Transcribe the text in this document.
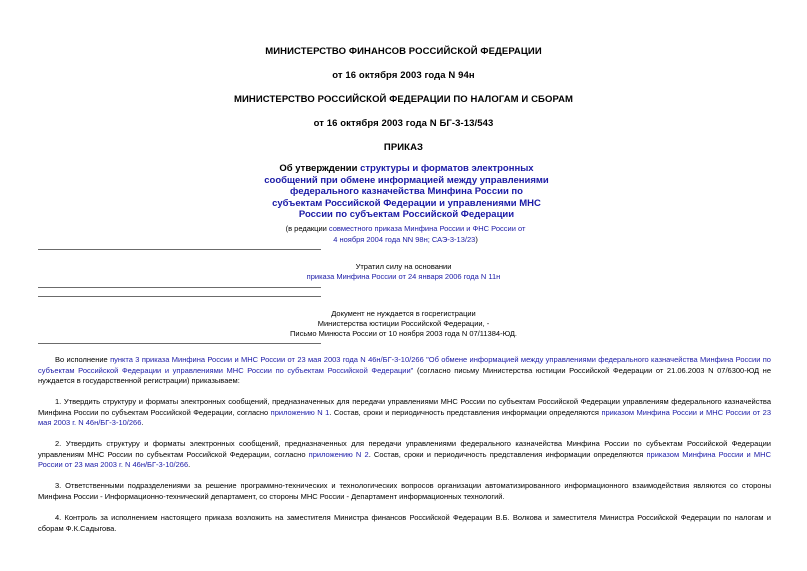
МИНИСТЕРСТВО ФИНАНСОВ РОССИЙСКОЙ ФЕДЕРАЦИИ
от 16 октября 2003 года N 94н
МИНИСТЕРСТВО РОССИЙСКОЙ ФЕДЕРАЦИИ ПО НАЛОГАМ И СБОРАМ
от 16 октября 2003 года N БГ-3-13/543
ПРИКАЗ
Об утверждении структуры и форматов электронных сообщений при обмене информацией между управлениями федерального казначейства Минфина России по субъектам Российской Федерации и управлениями МНС России по субъектам Российской Федерации
(в редакции совместного приказа Минфина России и ФНС России от 4 ноября 2004 года NN 98н; САЭ-3-13/23)
Утратил силу на основании
приказа Минфина России от 24 января 2006 года N 11н
Документ не нуждается в госрегистрации
Министерства юстиции Российской Федерации, -
Письмо Минюста России от 10 ноября 2003 года N 07/11384-ЮД.
Во исполнение пункта 3 приказа Минфина России и МНС России от 23 мая 2003 года N 46н/БГ-3-10/266 "Об обмене информацией между управлениями федерального казначейства Минфина России по субъектам Российской Федерации и управлениями МНС России по субъектам Российской Федерации" (согласно письму Министерства юстиции Российской Федерации от 21.06.2003 N 07/6300-ЮД не нуждается в государственной регистрации) приказываем:
1. Утвердить структуру и форматы электронных сообщений, предназначенных для передачи управлениями МНС России по субъектам Российской Федерации управлениям федерального казначейства Минфина России по субъектам Российской Федерации, согласно приложению N 1. Состав, сроки и периодичность представления информации определяются приказом Минфина России и МНС России от 23 мая 2003 г. N 46н/БГ-3-10/266.
2. Утвердить структуру и форматы электронных сообщений, предназначенных для передачи управлениями федерального казначейства Минфина России по субъектам Российской Федерации управлениям МНС России по субъектам Российской Федерации, согласно приложению N 2. Состав, сроки и периодичность представления информации определяются приказом Минфина России и МНС России от 23 мая 2003 г. N 46н/БГ-3-10/266.
3. Ответственными подразделениями за решение программно-технических и технологических вопросов организации автоматизированного информационного взаимодействия являются со стороны Минфина России - Информационно-технический департамент, со стороны МНС России - Департамент информационных технологий.
4. Контроль за исполнением настоящего приказа возложить на заместителя Министра финансов Российской Федерации В.Б. Волкова и заместителя Министра Российской Федерации по налогам и сборам Ф.К.Садыгова.
